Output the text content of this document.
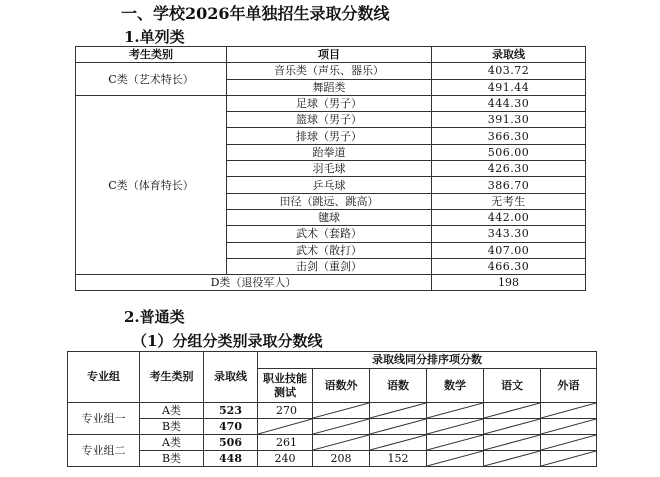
一、学校2026年单独招生录取分数线
1.单列类
考生类别	项目	录取线
C类（艺术特长）	音乐类（声乐、器乐）	403.72
	舞蹈类	491.44
C类（体育特长）	足球（男子）	444.30
	篮球（男子）	391.30
	排球（男子）	366.30
	跆拳道	506.00
	羽毛球	426.30
	乒乓球	386.70
	田径（跳远、跳高）	无考生
	毽球	442.00
	武术（套路）	343.30
	武术（散打）	407.00
	击剑（重剑）	466.30
D类（退役军人）		198
2.普通类
（1）分组分类别录取分数线
专业组	考生类别	录取线	录取线同分排序项分数					
			职业技能测试	语数外	语数	数学	语文	外语
专业组一	A类	523	270	

	B类	470	

专业组二	A类	506	261	

	B类	448	240	208	152	
